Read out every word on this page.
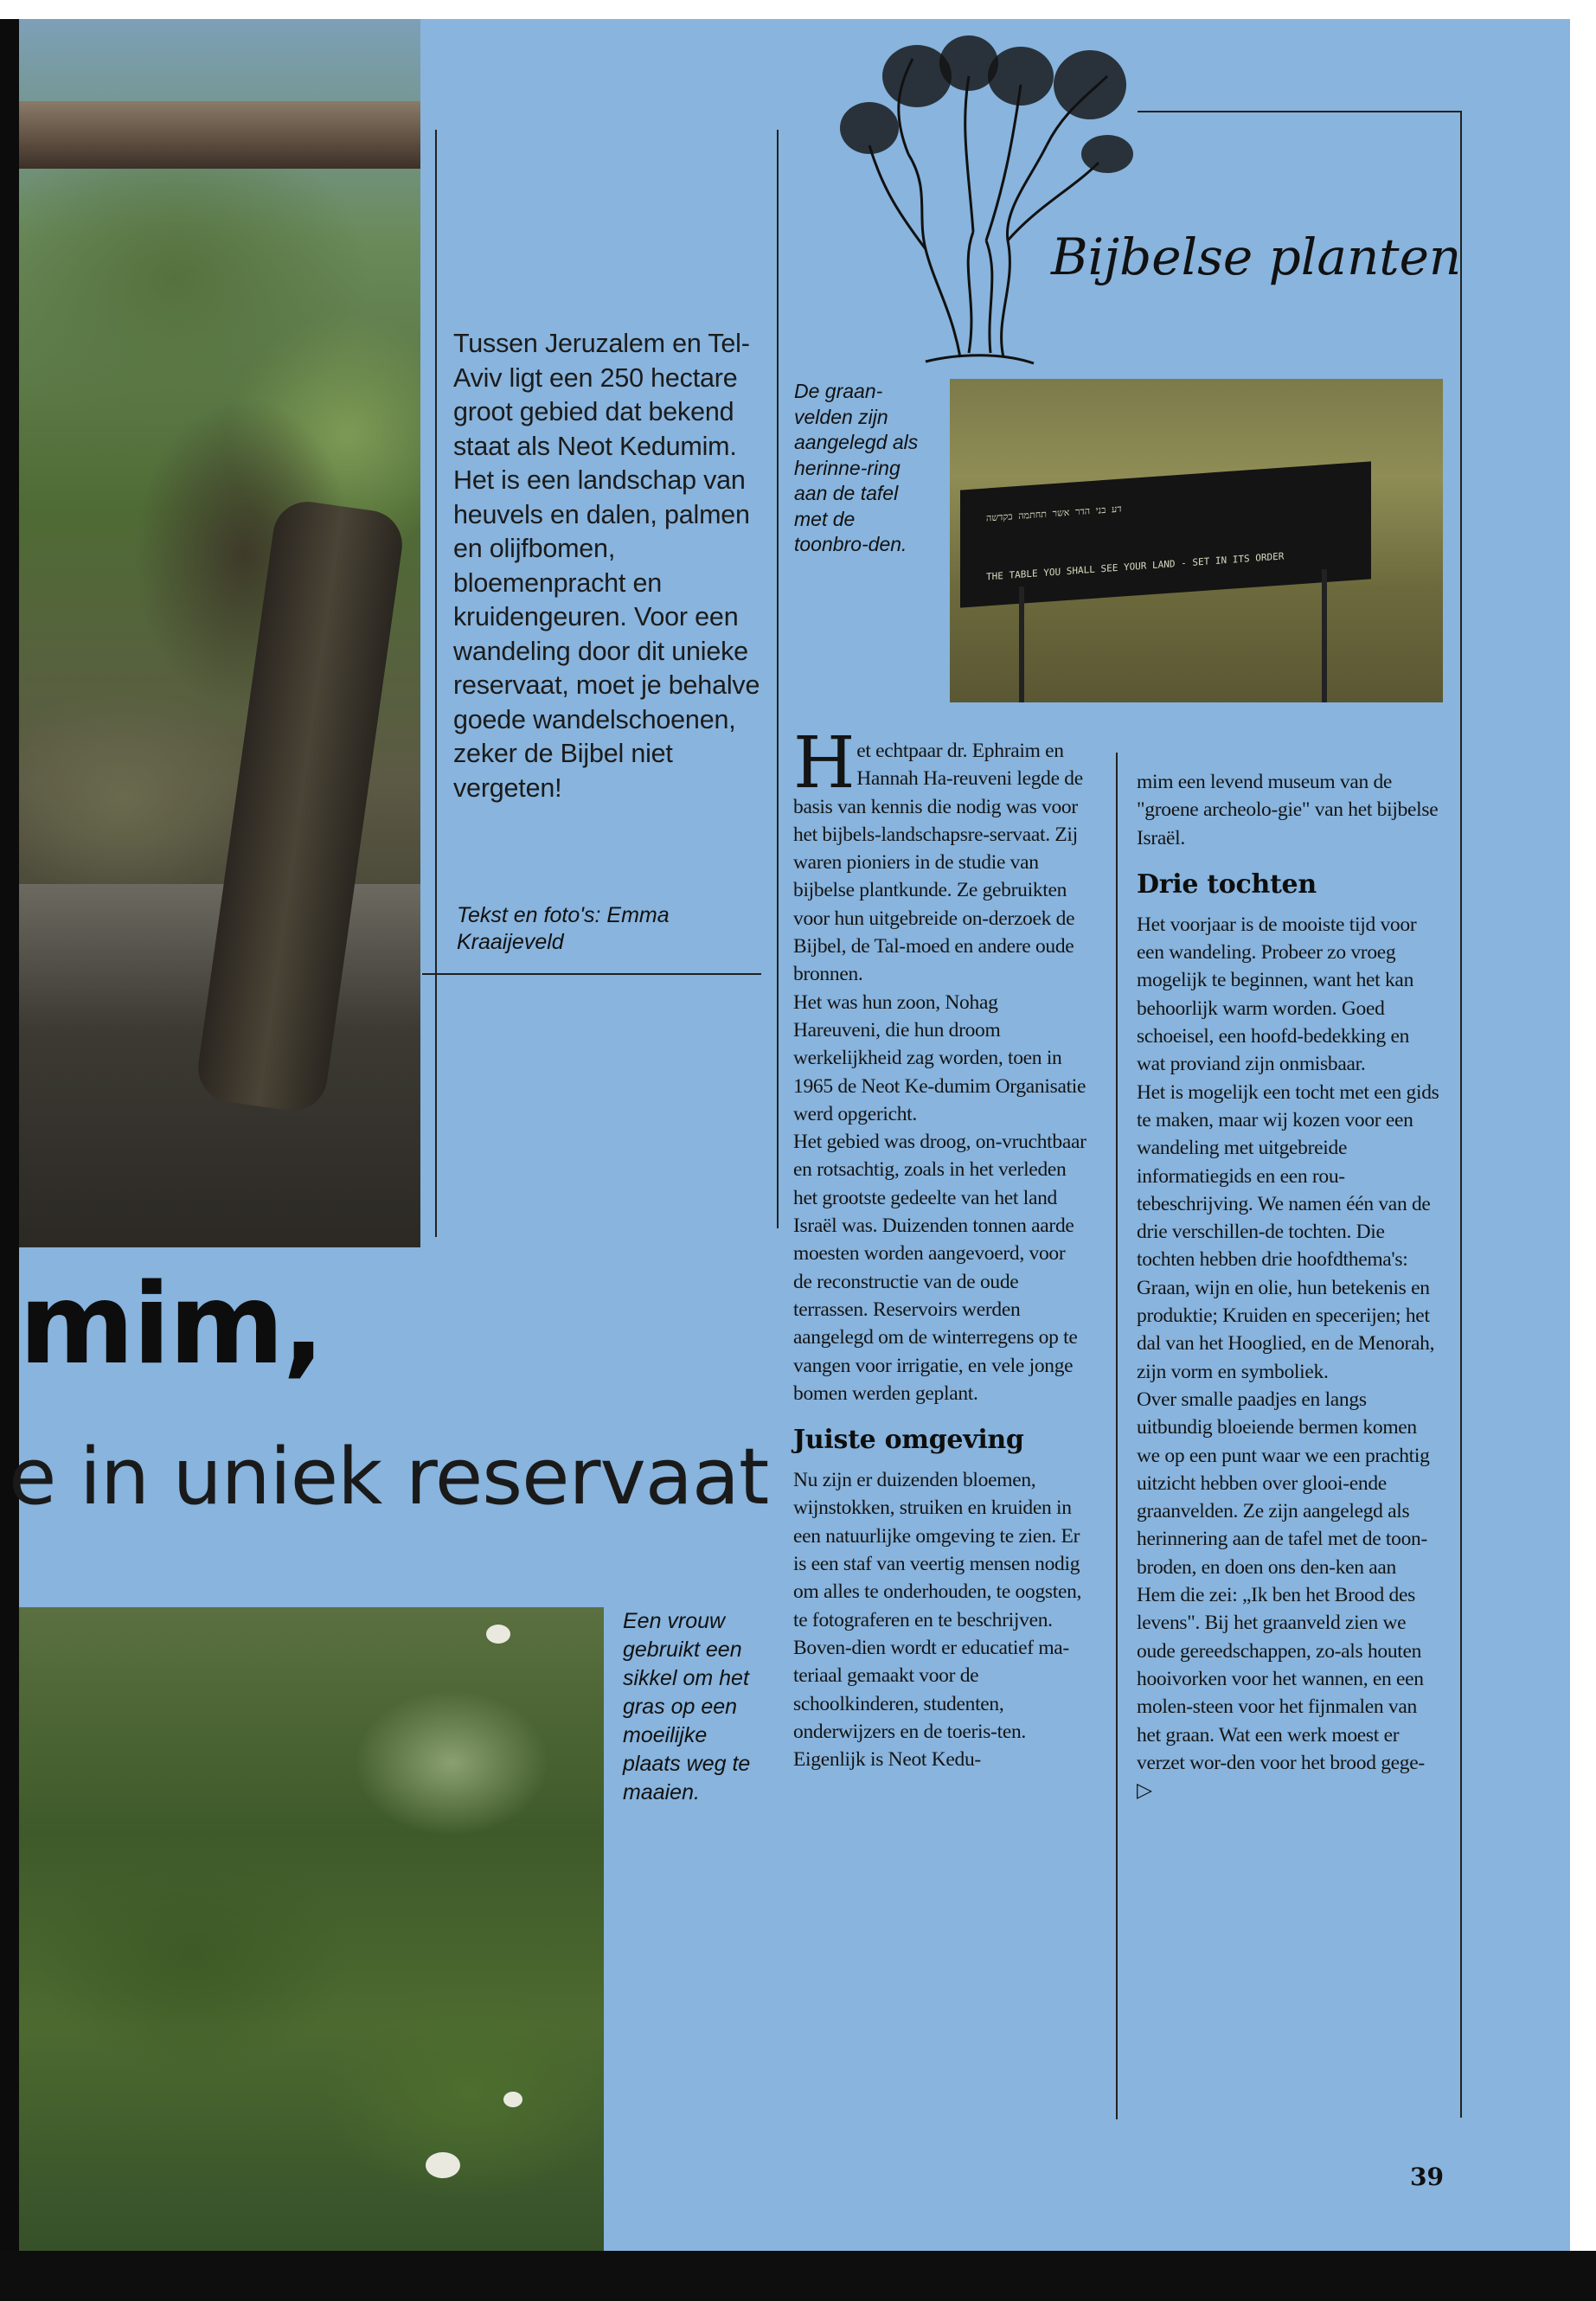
Tussen Jeruzalem en Tel-Aviv ligt een 250 hectare groot gebied dat bekend staat als Neot Kedumim. Het is een landschap van heuvels en dalen, palmen en olijfbomen, bloemenpracht en kruidengeuren. Voor een wandeling door dit unieke reservaat, moet je behalve goede wandelschoenen, zeker de Bijbel niet vergeten!
Tekst en foto's: Emma Kraaijeveld
mim,
e in uniek reservaat
Een vrouw gebruikt een sikkel om het gras op een moeilijke plaats weg te maaien.
De graan-velden zijn aangelegd als herinne-ring aan de tafel met de toonbro-den.
Bijbelse planten
דע בני הדר אשר תחתמה בקדשה
THE TABLE YOU SHALL SEE YOUR LAND - SET IN ITS ORDER

Het echtpaar dr. Ephraim en Hannah Ha-reuveni legde de basis van kennis die nodig was voor het bijbels-landschapsre-servaat. Zij waren pioniers in de studie van bijbelse plantkunde. Ze gebruikten voor hun uitgebreide on-derzoek de Bijbel, de Tal-moed en andere oude bronnen.

Het was hun zoon, Nohag Hareuveni, die hun droom werkelijkheid zag worden, toen in 1965 de Neot Ke-dumim Organisatie werd opgericht.

Het gebied was droog, on-vruchtbaar en rotsachtig, zoals in het verleden het grootste gedeelte van het land Israël was. Duizenden tonnen aarde moesten worden aangevoerd, voor de reconstructie van de oude terrassen. Reservoirs werden aangelegd om de winterregens op te vangen voor irrigatie, en vele jonge bomen werden geplant.

Juiste omgeving

Nu zijn er duizenden bloemen, wijnstokken, struiken en kruiden in een natuurlijke omgeving te zien. Er is een staf van veertig mensen nodig om alles te onderhouden, te oogsten, te fotograferen en te beschrijven. Boven-dien wordt er educatief ma-teriaal gemaakt voor de schoolkinderen, studenten, onderwijzers en de toeris-ten. Eigenlijk is Neot Kedu-

mim een levend museum van de "groene archeolo-gie" van het bijbelse Israël.

Drie tochten

Het voorjaar is de mooiste tijd voor een wandeling. Probeer zo vroeg mogelijk te beginnen, want het kan behoorlijk warm worden. Goed schoeisel, een hoofd-bedekking en wat proviand zijn onmisbaar.

Het is mogelijk een tocht met een gids te maken, maar wij kozen voor een wandeling met uitgebreide informatiegids en een rou-tebeschrijving. We namen één van de drie verschillen-de tochten. Die tochten hebben drie hoofdthema's: Graan, wijn en olie, hun betekenis en produktie; Kruiden en specerijen; het dal van het Hooglied, en de Menorah, zijn vorm en symboliek.

Over smalle paadjes en langs uitbundig bloeiende bermen komen we op een punt waar we een prachtig uitzicht hebben over glooi-ende graanvelden. Ze zijn aangelegd als herinnering aan de tafel met de toon-broden, en doen ons den-ken aan Hem die zei: „Ik ben het Brood des levens". Bij het graanveld zien we oude gereedschappen, zo-als houten hooivorken voor het wannen, en een molen-steen voor het fijnmalen van het graan. Wat een werk moest er verzet wor-den voor het brood gege- ▷

39
